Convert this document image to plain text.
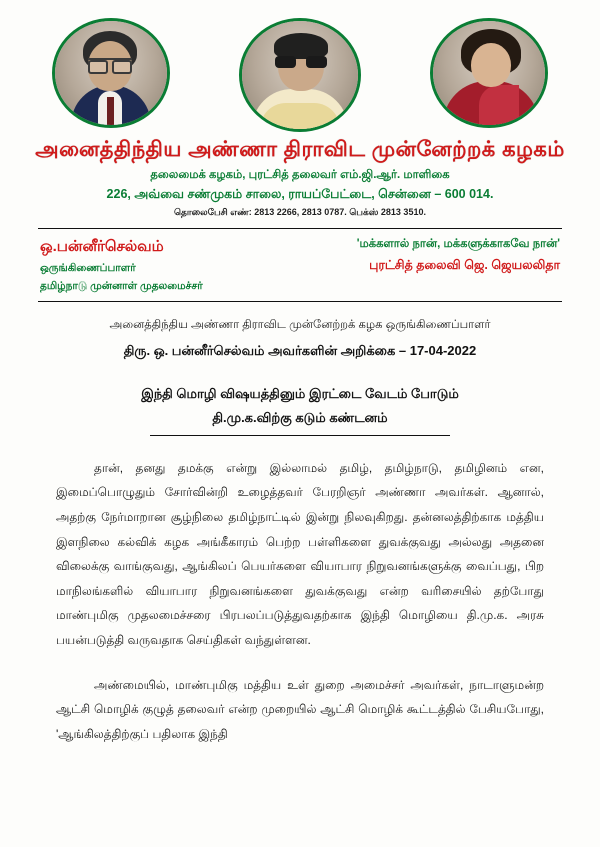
அனைத்திந்திய அண்ணா திராவிட முன்னேற்றக் கழகம்
தலைமைக் கழகம், புரட்சித் தலைவர் எம்.ஜி.ஆர். மாளிகை
226, அவ்வை சண்முகம் சாலை, ராயப்பேட்டை, சென்னை – 600 014.
தொலைபேசி எண்: 2813 2266, 2813 0787. பெக்ஸ் 2813 3510.
ஒ.பன்னீர்செல்வம்
ஒருங்கிணைப்பாளர்
தமிழ்நாடு முன்னாள் முதலமைச்சர்
'மக்களால் நான், மக்களுக்காகவே நான்'
புரட்சித் தலைவி ஜெ. ஜெயலலிதா
அனைத்திந்திய அண்ணா திராவிட முன்னேற்றக் கழக ஒருங்கிணைப்பாளர்
திரு. ஒ. பன்னீர்செல்வம் அவர்களின் அறிக்கை – 17-04-2022
இந்தி மொழி விஷயத்தினும் இரட்டை வேடம் போடும்
தி.மு.க.விற்கு கடும் கண்டனம்

தான், தனது தமக்கு என்று இல்லாமல் தமிழ், தமிழ்நாடு, தமிழினம் என, இமைப்பொழுதும் சோர்வின்றி உழைத்தவர் பேரறிஞர் அண்ணா அவர்கள். ஆனால், அதற்கு நேர்மாறான சூழ்நிலை தமிழ்நாட்டில் இன்று நிலவுகிறது. தன்னலத்திற்காக மத்திய இளநிலை கல்விக் கழக அங்கீகாரம் பெற்ற பள்ளிகளை துவக்குவது அல்லது அதனை விலைக்கு வாங்குவது, ஆங்கிலப் பெயர்களை வியாபார நிறுவனங்களுக்கு வைப்பது, பிற மாநிலங்களில் வியாபார நிறுவனங்களை துவக்குவது என்ற வரிசையில் தற்போது மாண்புமிகு முதலமைச்சரை பிரபலப்படுத்துவதற்காக இந்தி மொழியை தி.மு.க. அரசு பயன்படுத்தி வருவதாக செய்திகள் வந்துள்ளன.

அண்மையில், மாண்புமிகு மத்திய உள் துறை அமைச்சர் அவர்கள், நாடாளுமன்ற ஆட்சி மொழிக் குழுத் தலைவர் என்ற முறையில் ஆட்சி மொழிக் கூட்டத்தில் பேசியபோது, 'ஆங்கிலத்திற்குப் பதிலாக இந்தி
